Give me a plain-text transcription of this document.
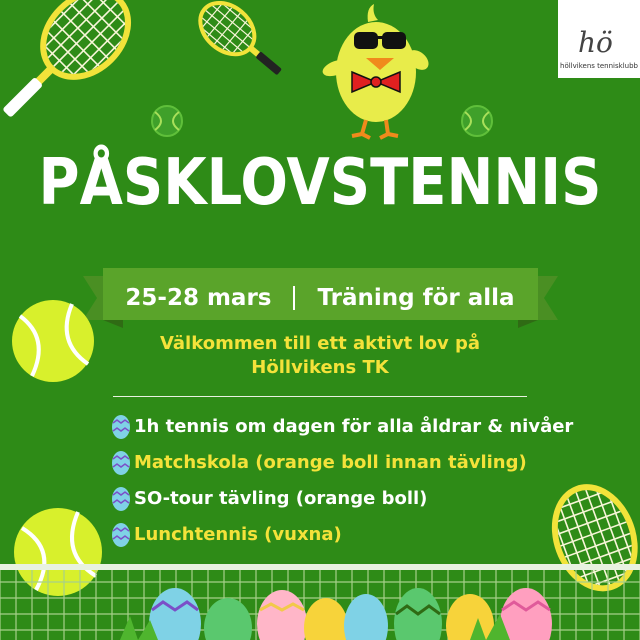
hö
höllvikens tennisklubb
PÅSKLOVSTENNIS
25-28 mars Träning för alla
Välkommen till ett aktivt lov på
Höllvikens TK
1h tennis om dagen för alla åldrar & nivåer
Matchskola (orange boll innan tävling)
SO-tour tävling (orange boll)
Lunchtennis (vuxna)
